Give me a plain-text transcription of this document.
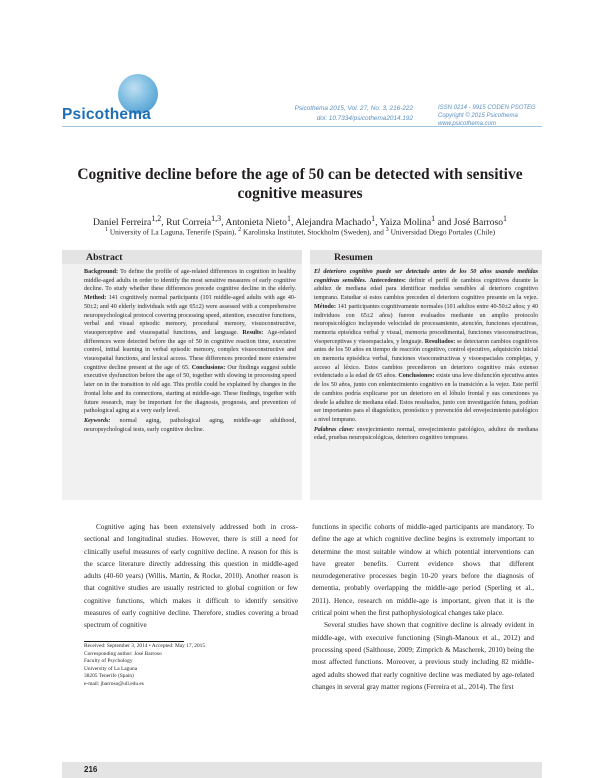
Psicothema	Psicothema 2015, Vol. 27, No. 3, 216-222
doi: 10.7334/psicothema2014.192
ISSN 0214 - 9915 CODEN PSOTEG
Copyright © 2015 Psicothema
www.psicothema.com
Cognitive decline before the age of 50 can be detected with sensitive cognitive measures
Daniel Ferreira$^{1,2}$, Rut Correia$^{1,3}$, Antonieta Nieto$^1$, Alejandra Machado$^1$, Yaiza Molina$^1$ and José Barroso$^1$
$^1$ University of La Laguna, Tenerife (Spain), $^2$ Karolinska Institutet, Stockholm (Sweden), and $^3$ Universidad Diego Portales (Chile)
Abstract
Background: To define the profile of age-related differences in cognition in healthy middle-aged adults in order to identify the most sensitive measures of early cognitive decline. To study whether these differences precede cognitive decline in the elderly. Method: 141 cognitively normal participants (101 middle-aged adults with age 40-50±2; and 40 elderly individuals with age 65±2) were assessed with a comprehensive neuropsychological protocol covering processing speed, attention, executive functions, verbal and visual episodic memory, procedural memory, visuoconstructive, visuoperceptive and visuospatial functions, and language. Results: Age-related differences were detected before the age of 50 in cognitive reaction time, executive control, initial learning in verbal episodic memory, complex visuoconstructive and visuospatial functions, and lexical access. These differences preceded more extensive cognitive decline present at the age of 65. Conclusions: Our findings suggest subtle executive dysfunction before the age of 50, together with slowing in processing speed later on in the transition to old age. This profile could be explained by changes in the frontal lobe and its connections, starting at middle-age. These findings, together with future research, may be important for the diagnosis, prognosis, and prevention of pathological aging at a very early level.
Keywords: normal aging, pathological aging, middle-age adulthood, neuropsychological tests, early cognitive decline.
Resumen
El deterioro cognitivo puede ser detectado antes de los 50 años usando medidas cognitivas sensibles. Antecedentes: definir el perfil de cambios cognitivos durante la adultez de mediana edad para identificar medidas sensibles al deterioro cognitivo temprano. Estudiar si estos cambios preceden el deterioro cognitivo presente en la vejez. Método: 141 participantes cognitivamente normales (101 adultos entre 40-50±2 años; y 40 individuos con 65±2 años) fueron evaluados mediante un amplio protocolo neuropsicológico incluyendo velocidad de procesamiento, atención, funciones ejecutivas, memoria episódica verbal y visual, memoria procedimental, funciones visoconstructivas, visoperceptivas y visoespaciales, y lenguaje. Resultados: se detectaron cambios cognitivos antes de los 50 años en tiempo de reacción cognitivo, control ejecutivo, adquisición inicial en memoria episódica verbal, funciones visoconstructivas y visoespaciales complejas, y acceso al léxico. Estos cambios precedieron un deterioro cognitivo más extenso evidenciado a la edad de 65 años. Conclusiones: existe una leve disfunción ejecutiva antes de los 50 años, junto con enlentecimiento cognitivo en la transición a la vejez. Este perfil de cambios podría explicarse por un deterioro en el lóbulo frontal y sus conexiones ya desde la adultez de mediana edad. Estos resultados, junto con investigación futura, podrían ser importantes para el diagnóstico, pronóstico y prevención del envejecimiento patológico a nivel temprano.
Palabras clave: envejecimiento normal, envejecimiento patológico, adultez de mediana edad, pruebas neuropsicológicas, deterioro cognitivo temprano.

Cognitive aging has been extensively addressed both in cross-sectional and longitudinal studies. However, there is still a need for clinically useful measures of early cognitive decline. A reason for this is the scarce literature directly addressing this question in middle-aged adults (40-60 years) (Willis, Martin, & Rocke, 2010). Another reason is that cognitive studies are usually restricted to global cognition or few cognitive functions, which makes it difficult to identify sensitive measures of early cognitive decline. Therefore, studies covering a broad spectrum of cognitive

functions in specific cohorts of middle-aged participants are mandatory. To define the age at which cognitive decline begins is extremely important to determine the most suitable window at which potential interventions can have greater benefits. Current evidence shows that different neurodegenerative processes begin 10-20 years before the diagnosis of dementia, probably overlapping the middle-age period (Sperling et al., 2011). Hence, research on middle-age is important, given that it is the critical point when the first pathophysiological changes take place.

Several studies have shown that cognitive decline is already evident in middle-age, with executive functioning (Singh-Manoux et al., 2012) and processing speed (Salthouse, 2009; Zimprich & Mascherek, 2010) being the most affected functions. Moreover, a previous study including 82 middle-aged adults showed that early cognitive decline was mediated by age-related changes in several gray matter regions (Ferreira et al., 2014). The first

Received: September 3, 2014 • Accepted: May 17, 2015
Corresponding author: José Barroso
Faculty of Psychology
University of La Laguna
38205 Tenerife (Spain)
e-mail: jbarroso@ull.edu.es
216
